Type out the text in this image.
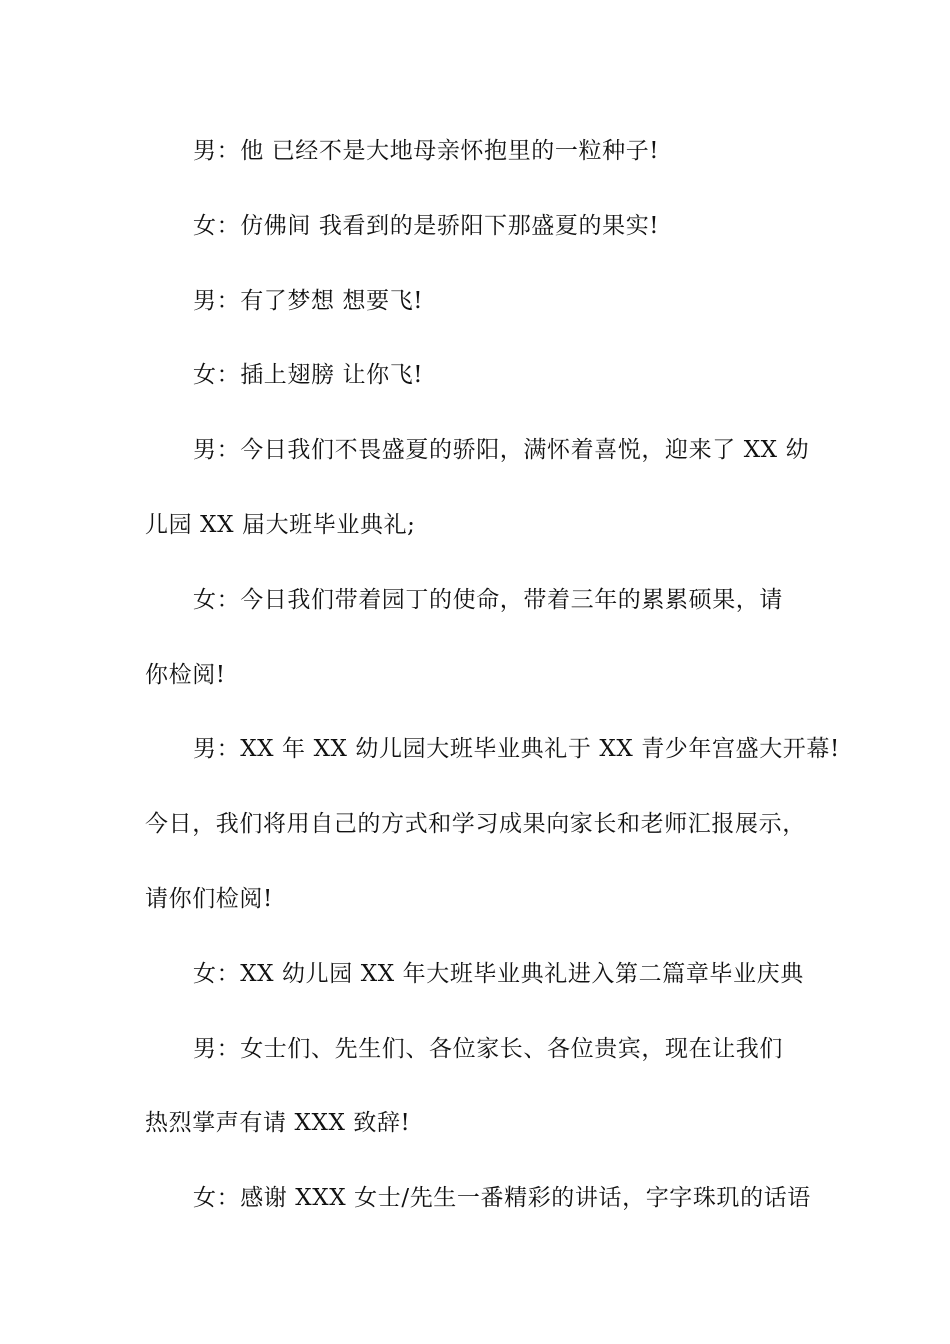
男：他 已经不是大地母亲怀抱里的一粒种子!
女：仿佛间 我看到的是骄阳下那盛夏的果实!
男：有了梦想 想要飞!
女：插上翅膀 让你飞!
男：今日我们不畏盛夏的骄阳，满怀着喜悦，迎来了 XX 幼
儿园 XX 届大班毕业典礼;
女：今日我们带着园丁的使命，带着三年的累累硕果，请
你检阅!
男：XX 年 XX 幼儿园大班毕业典礼于 XX 青少年宫盛大开幕!
今日，我们将用自己的方式和学习成果向家长和老师汇报展示，
请你们检阅!
女：XX 幼儿园 XX 年大班毕业典礼进入第二篇章毕业庆典
男：女士们、先生们、各位家长、各位贵宾，现在让我们
热烈掌声有请 XXX 致辞!
女：感谢 XXX 女士/先生一番精彩的讲话，字字珠玑的话语
